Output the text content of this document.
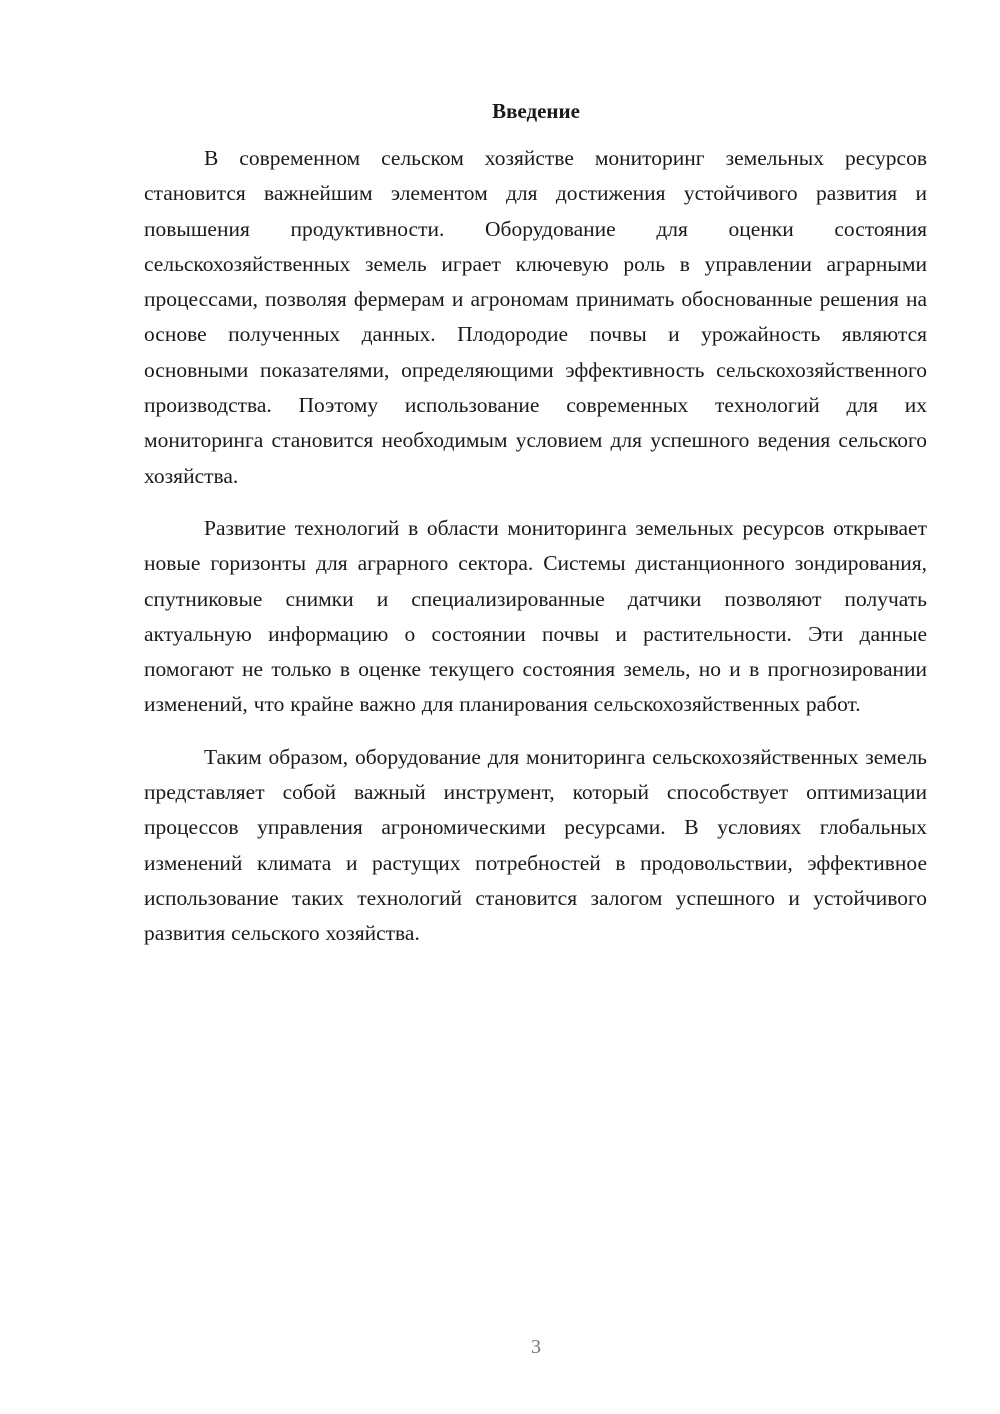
Введение

В современном сельском хозяйстве мониторинг земельных ресурсов становится важнейшим элементом для достижения устойчивого развития и повышения продуктивности. Оборудование для оценки состояния сельскохозяйственных земель играет ключевую роль в управлении аграрными процессами, позволяя фермерам и агрономам принимать обоснованные решения на основе полученных данных. Плодородие почвы и урожайность являются основными показателями, определяющими эффективность сельскохозяйственного производства. Поэтому использование современных технологий для их мониторинга становится необходимым условием для успешного ведения сельского хозяйства.

Развитие технологий в области мониторинга земельных ресурсов открывает новые горизонты для аграрного сектора. Системы дистанционного зондирования, спутниковые снимки и специализированные датчики позволяют получать актуальную информацию о состоянии почвы и растительности. Эти данные помогают не только в оценке текущего состояния земель, но и в прогнозировании изменений, что крайне важно для планирования сельскохозяйственных работ.

Таким образом, оборудование для мониторинга сельскохозяйственных земель представляет собой важный инструмент, который способствует оптимизации процессов управления агрономическими ресурсами. В условиях глобальных изменений климата и растущих потребностей в продовольствии, эффективное использование таких технологий становится залогом успешного и устойчивого развития сельского хозяйства.

3
